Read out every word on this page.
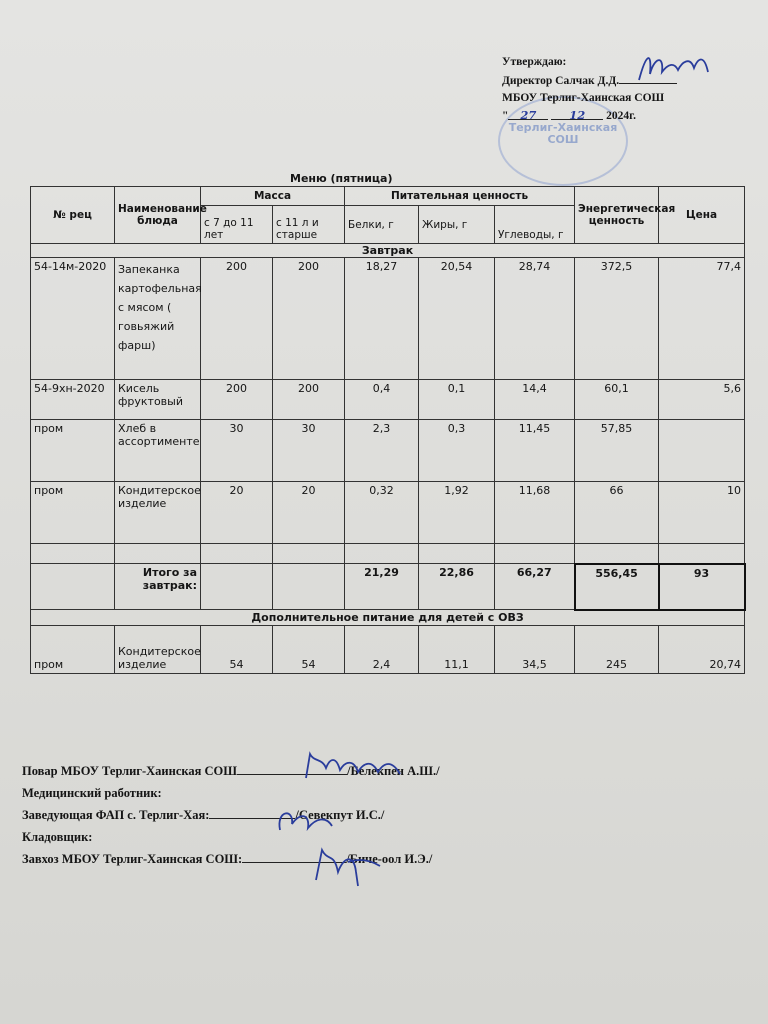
Терлиг-Хаинская СОШ
Утверждаю:
Директор Салчак Д.Д.
МБОУ Терлиг-Хаинская СОШ
" 27	12 2024г.
Меню (пятница)
№ рец	Наименование блюда	Масса		Питательная ценность			Энергетическая ценность	Цена
		с 7 до 11 лет	с 11 л и старше	Белки, г	Жиры, г	Углеводы, г		
Завтрак								
54-14м-2020	Запеканка картофельная с мясом ( говьяжий фарш)	200	200	18,27	20,54	28,74	372,5	77,4
54-9хн-2020	Кисель фруктовый	200	200	0,4	0,1	14,4	60,1	5,6
пром	Хлеб в ассортименте	30	30	2,3	0,3	11,45	57,85	
пром	Кондитерское изделие	20	20	0,32	1,92	11,68	66	10

	Итого за завтрак:			21,29	22,86	66,27	556,45	93
Дополнительное питание для детей с ОВЗ								
пром	Кондитерское изделие	54	54	2,4	11,1	34,5	245	20,74
Повар МБОУ Терлиг-Хаинская СОШ	/Белекпен А.Ш./
Медицинский работник:
Заведующая ФАП с. Терлиг-Хая:	/Севекпут И.С./
Кладовщик:
Завхоз МБОУ Терлиг-Хаинская СОШ:	/Биче-оол И.Э./
